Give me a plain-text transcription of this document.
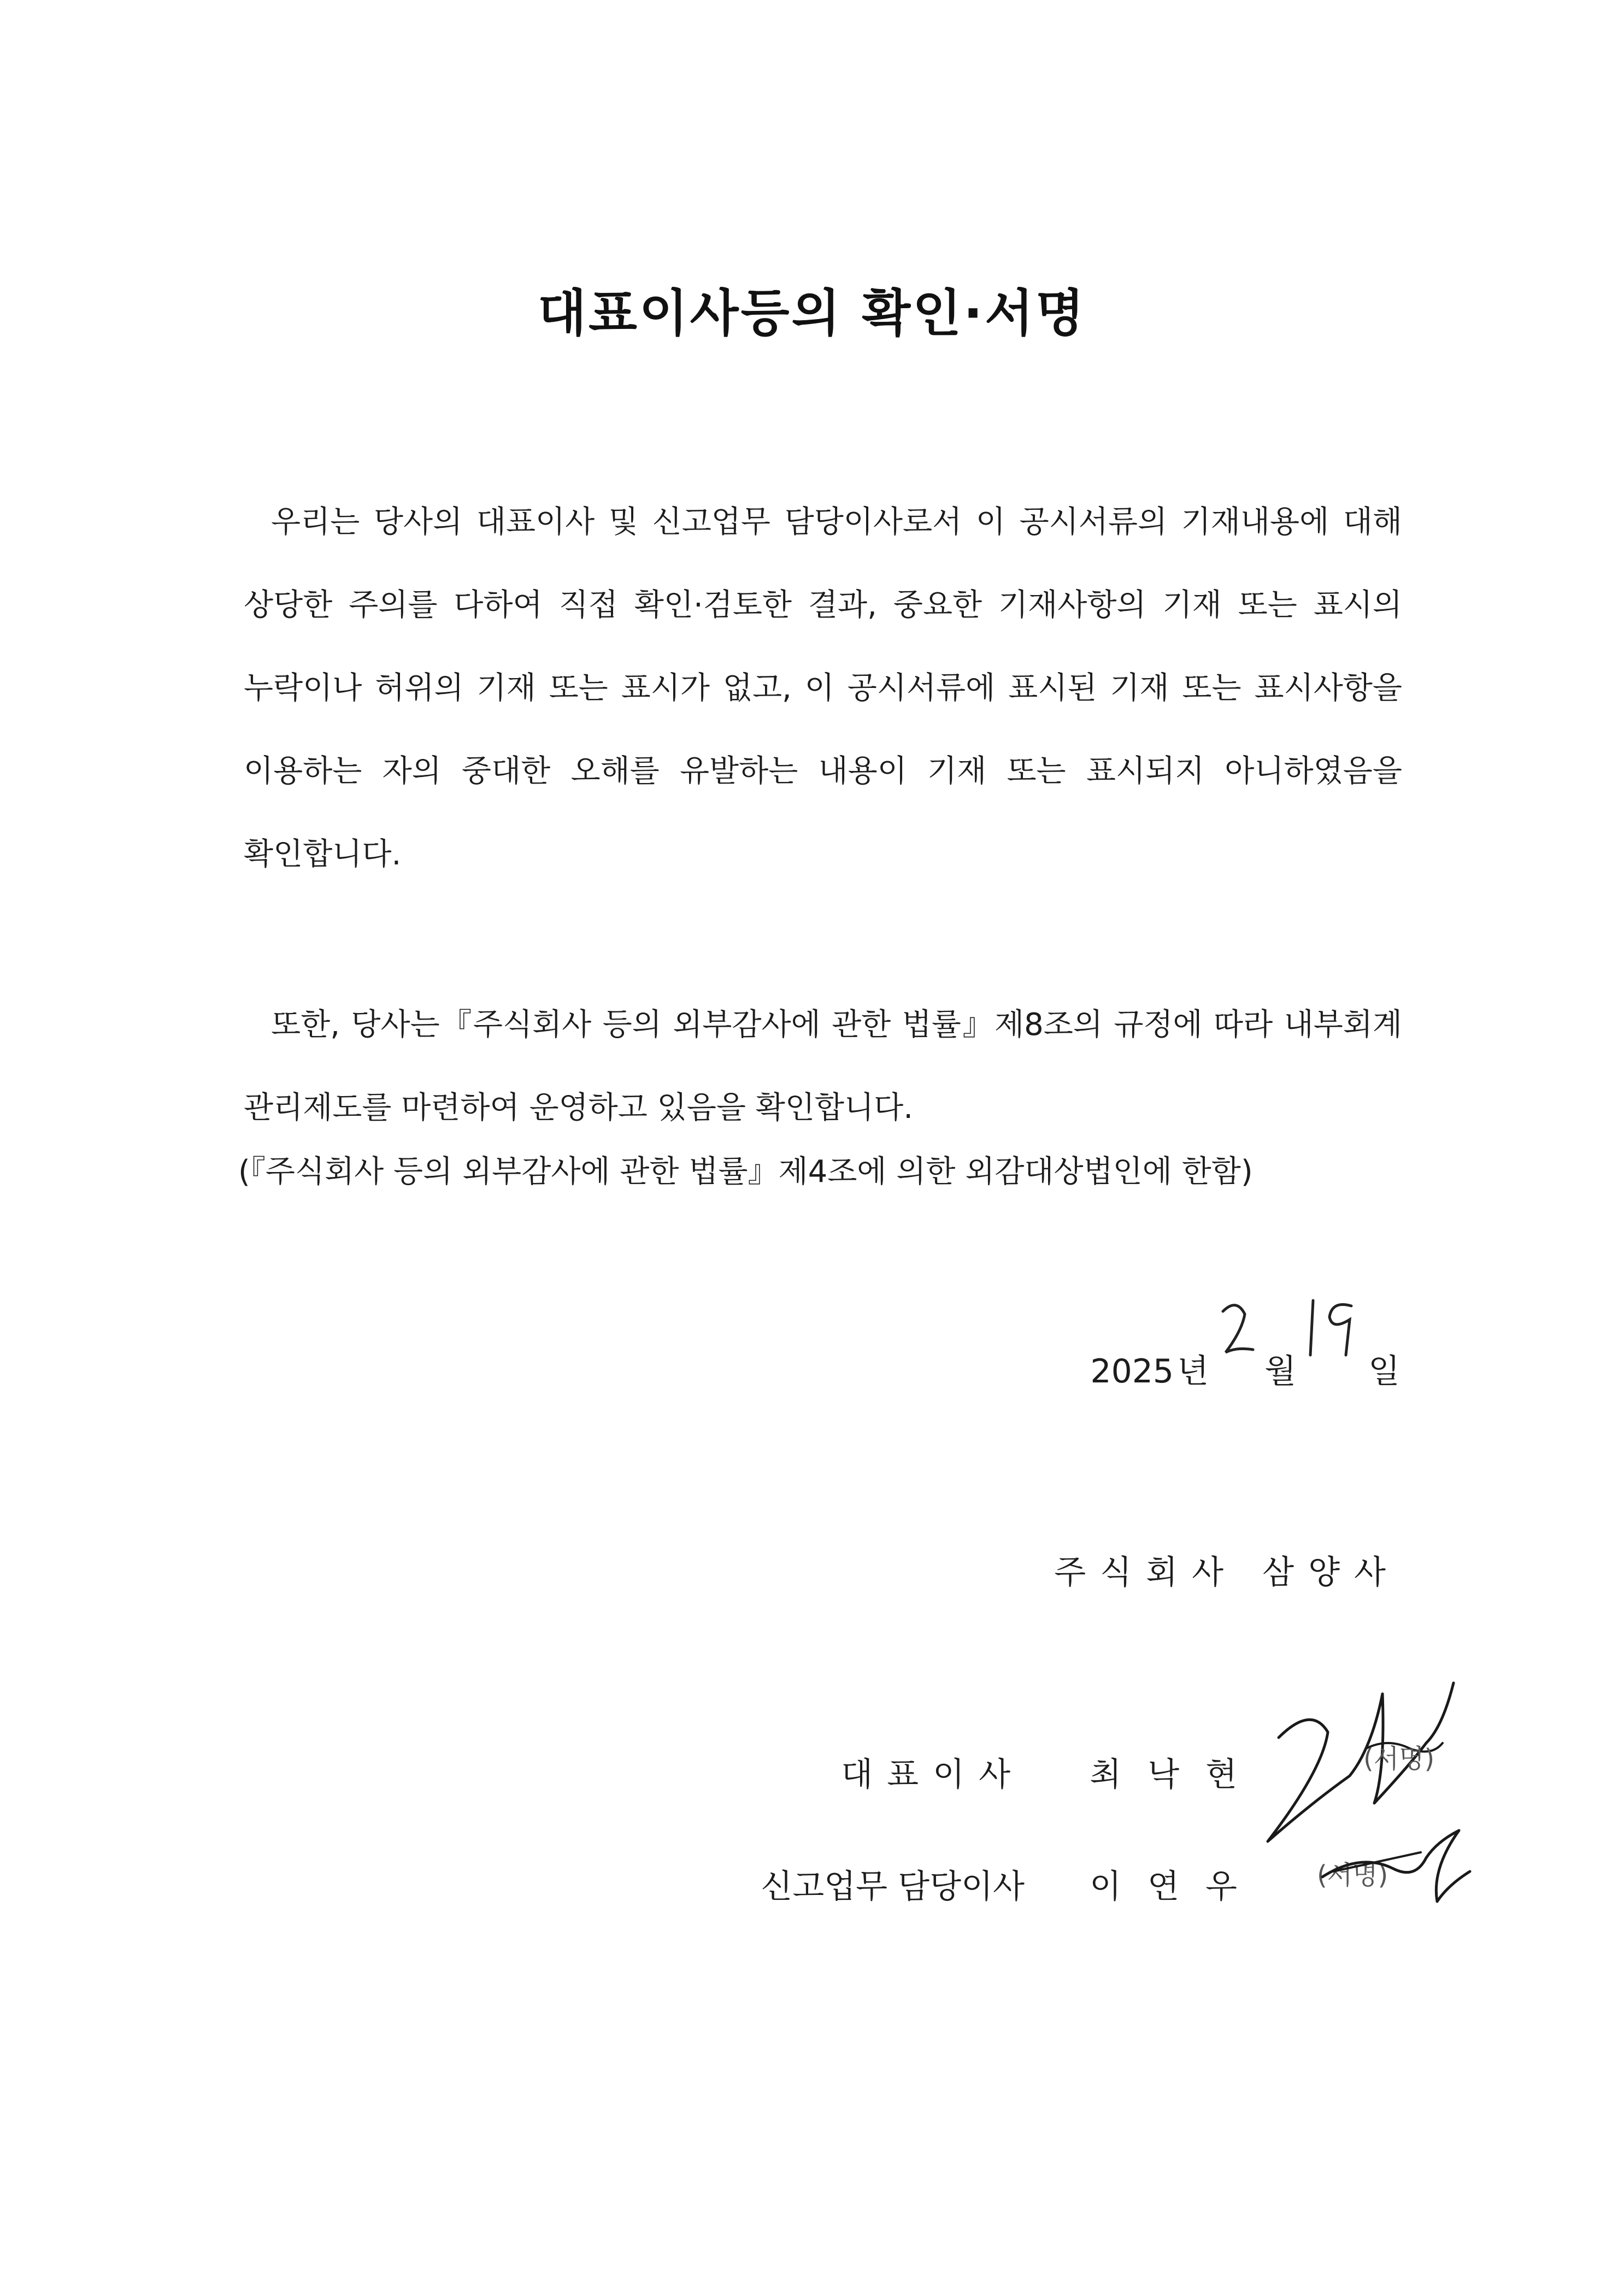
대표이사등의 확인·서명
우리는 당사의 대표이사 및 신고업무 담당이사로서 이 공시서류의 기재내용에 대해 상당한 주의를 다하여 직접 확인·검토한 결과, 중요한 기재사항의 기재 또는 표시의 누락이나 허위의 기재 또는 표시가 없고, 이 공시서류에 표시된 기재 또는 표시사항을 이용하는 자의 중대한 오해를 유발하는 내용이 기재 또는 표시되지 아니하였음을 확인합니다.
또한, 당사는『주식회사 등의 외부감사에 관한 법률』제8조의 규정에 따라 내부회계 관리제도를 마련하여 운영하고 있음을 확인합니다.
(『주식회사 등의 외부감사에 관한 법률』제4조에 의한 외감대상법인에 한함)
2025 년 월 일
주식회사 삼양사
대표이사 최낙현
신고업무 담당이사 이연우
(서명)
(서명)
